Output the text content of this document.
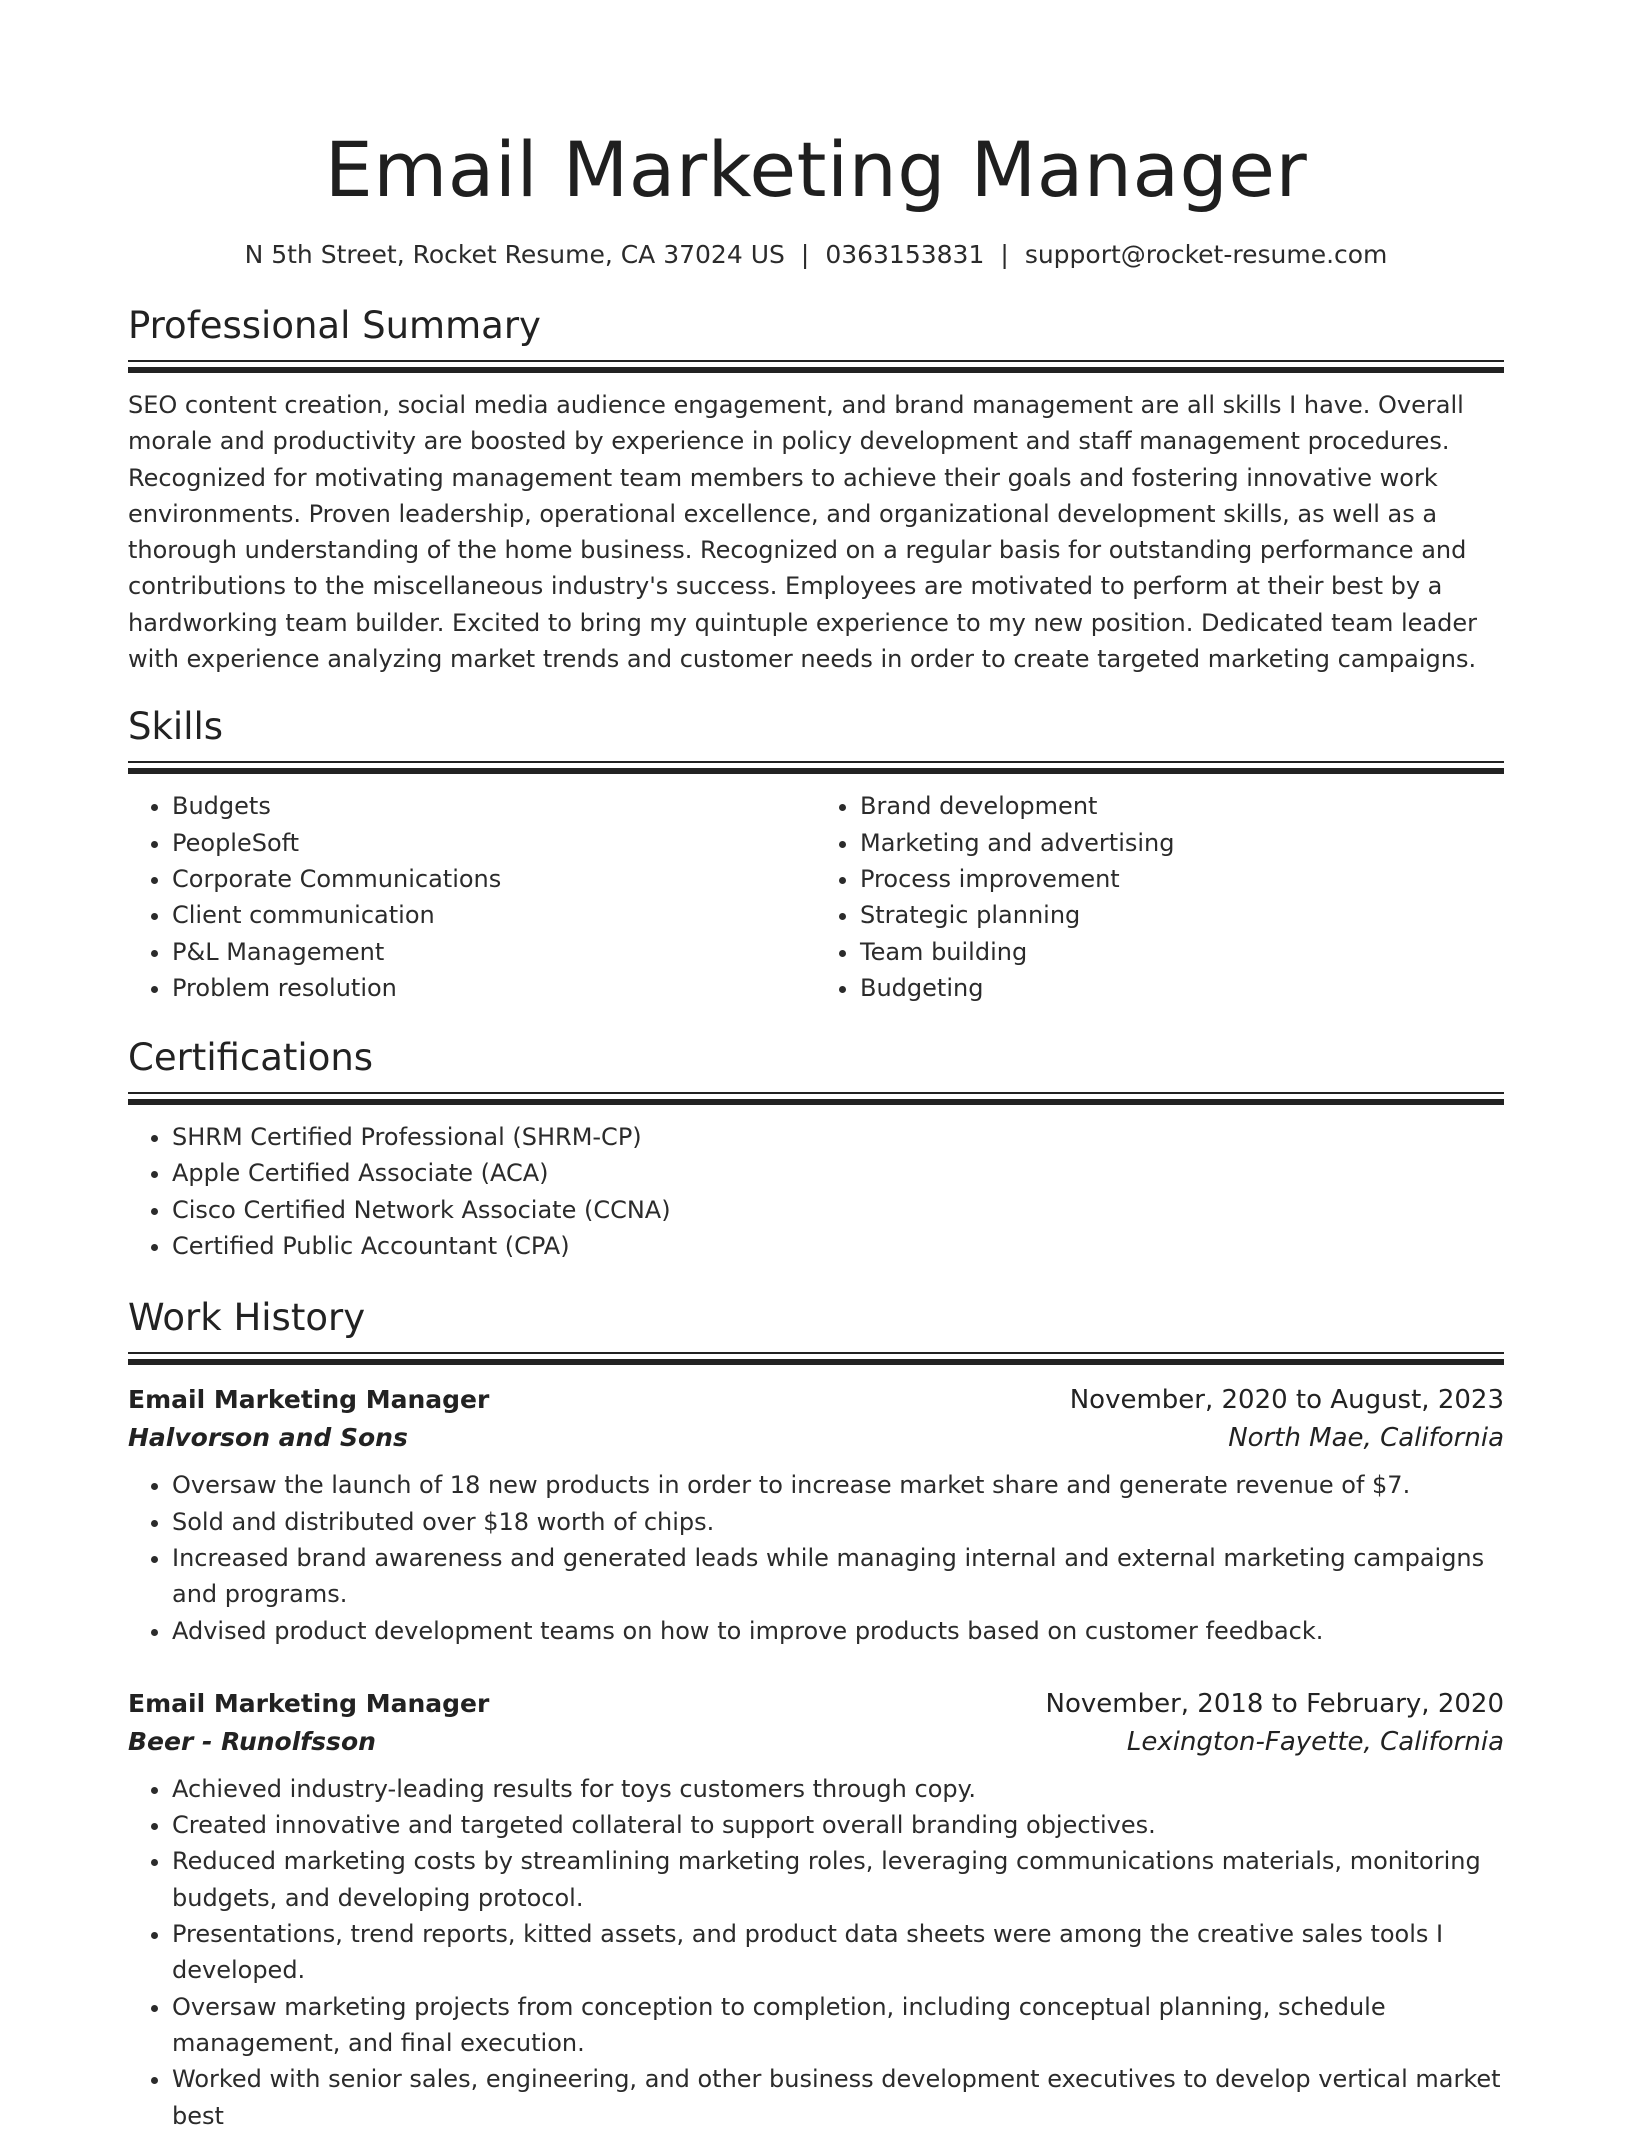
Email Marketing Manager
N 5th Street, Rocket Resume, CA 37024 US | 0363153831 | support@rocket-resume.com
Professional Summary
SEO content creation, social media audience engagement, and brand management are all skills I have. Overall morale and productivity are boosted by experience in policy development and staff management procedures. Recognized for motivating management team members to achieve their goals and fostering innovative work environments. Proven leadership, operational excellence, and organizational development skills, as well as a thorough understanding of the home business. Recognized on a regular basis for outstanding performance and contributions to the miscellaneous industry's success. Employees are motivated to perform at their best by a hardworking team builder. Excited to bring my quintuple experience to my new position. Dedicated team leader with experience analyzing market trends and customer needs in order to create targeted marketing campaigns.
Skills
• Budgets
• PeopleSoft
• Corporate Communications
• Client communication
• P&L Management
• Problem resolution
• Brand development
• Marketing and advertising
• Process improvement
• Strategic planning
• Team building
• Budgeting
Certifications
• SHRM Certified Professional (SHRM-CP)
• Apple Certified Associate (ACA)
• Cisco Certified Network Associate (CCNA)
• Certified Public Accountant (CPA)
Work History
Email Marketing Manager	November, 2020 to August, 2023
Halvorson and Sons	North Mae, California
• Oversaw the launch of 18 new products in order to increase market share and generate revenue of $7.
• Sold and distributed over $18 worth of chips.
• Increased brand awareness and generated leads while managing internal and external marketing campaigns and programs.
• Advised product development teams on how to improve products based on customer feedback.
Email Marketing Manager	November, 2018 to February, 2020
Beer - Runolfsson	Lexington-Fayette, California
• Achieved industry-leading results for toys customers through copy.
• Created innovative and targeted collateral to support overall branding objectives.
• Reduced marketing costs by streamlining marketing roles, leveraging communications materials, monitoring budgets, and developing protocol.
• Presentations, trend reports, kitted assets, and product data sheets were among the creative sales tools I developed.
• Oversaw marketing projects from conception to completion, including conceptual planning, schedule management, and final execution.
• Worked with senior sales, engineering, and other business development executives to develop vertical market best
